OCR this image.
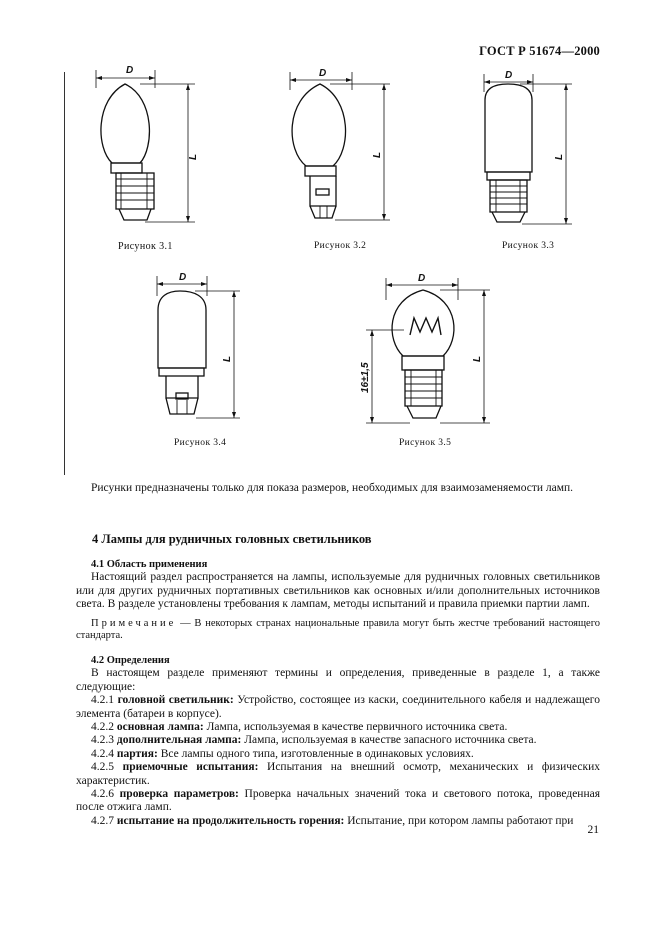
ГОСТ Р 51674—2000
D
L
D
L
D
L
D
L
D
L
16±1,5
Рисунок 3.1	Рисунок 3.2	Рисунок 3.3
Рисунок 3.4	Рисунок 3.5

Рисунки предназначены только для показа размеров, необходимых для взаимозаменяемости ламп.

4 Лампы для рудничных головных светильников

4.1 Область применения

Настоящий раздел распространяется на лампы, используемые для рудничных головных светильников или для других рудничных портативных светильников как основных и/или дополнительных источников света. В разделе установлены требования к лампам, методы испытаний и правила приемки партии ламп.

Примечание — В некоторых странах национальные правила могут быть жестче требований настоящего стандарта.

4.2 Определения

В настоящем разделе применяют термины и определения, приведенные в разделе 1, а также следующие:

4.2.1 головной светильник: Устройство, состоящее из каски, соединительного кабеля и надлежащего элемента (батареи в корпусе).

4.2.2 основная лампа: Лампа, используемая в качестве первичного источника света.

4.2.3 дополнительная лампа: Лампа, используемая в качестве запасного источника света.

4.2.4 партия: Все лампы одного типа, изготовленные в одинаковых условиях.

4.2.5 приемочные испытания: Испытания на внешний осмотр, механических и физических характеристик.

4.2.6 проверка параметров: Проверка начальных значений тока и светового потока, проведенная после отжига ламп.

4.2.7 испытание на продолжительность горения: Испытание, при котором лампы работают при

21
